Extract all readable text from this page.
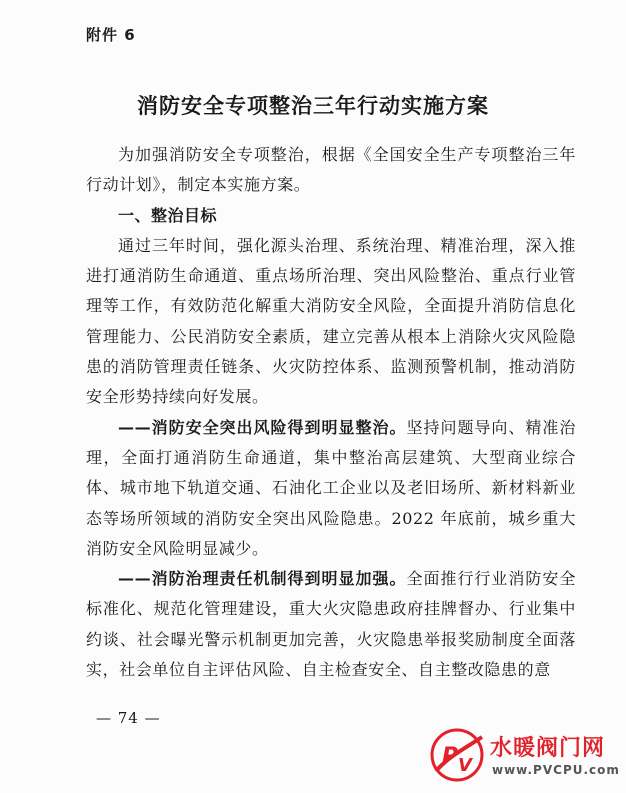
附件 6
消防安全专项整治三年行动实施方案

为加强消防安全专项整治，根据《全国安全生产专项整治三年行动计划》，制定本实施方案。

一、整治目标

通过三年时间，强化源头治理、系统治理、精准治理，深入推进打通消防生命通道、重点场所治理、突出风险整治、重点行业管理等工作，有效防范化解重大消防安全风险，全面提升消防信息化管理能力、公民消防安全素质，建立完善从根本上消除火灾风险隐患的消防管理责任链条、火灾防控体系、监测预警机制，推动消防安全形势持续向好发展。

——消防安全突出风险得到明显整治。坚持问题导向、精准治理，全面打通消防生命通道，集中整治高层建筑、大型商业综合体、城市地下轨道交通、石油化工企业以及老旧场所、新材料新业态等场所领域的消防安全突出风险隐患。2022 年底前，城乡重大消防安全风险明显减少。

——消防治理责任机制得到明显加强。全面推行行业消防安全标准化、规范化管理建设，重大火灾隐患政府挂牌督办、行业集中约谈、社会曝光警示机制更加完善，火灾隐患举报奖励制度全面落实，社会单位自主评估风险、自主检查安全、自主整改隐患的意

— 74 —
P V
水暖阀门网
www.PVCPU.com
